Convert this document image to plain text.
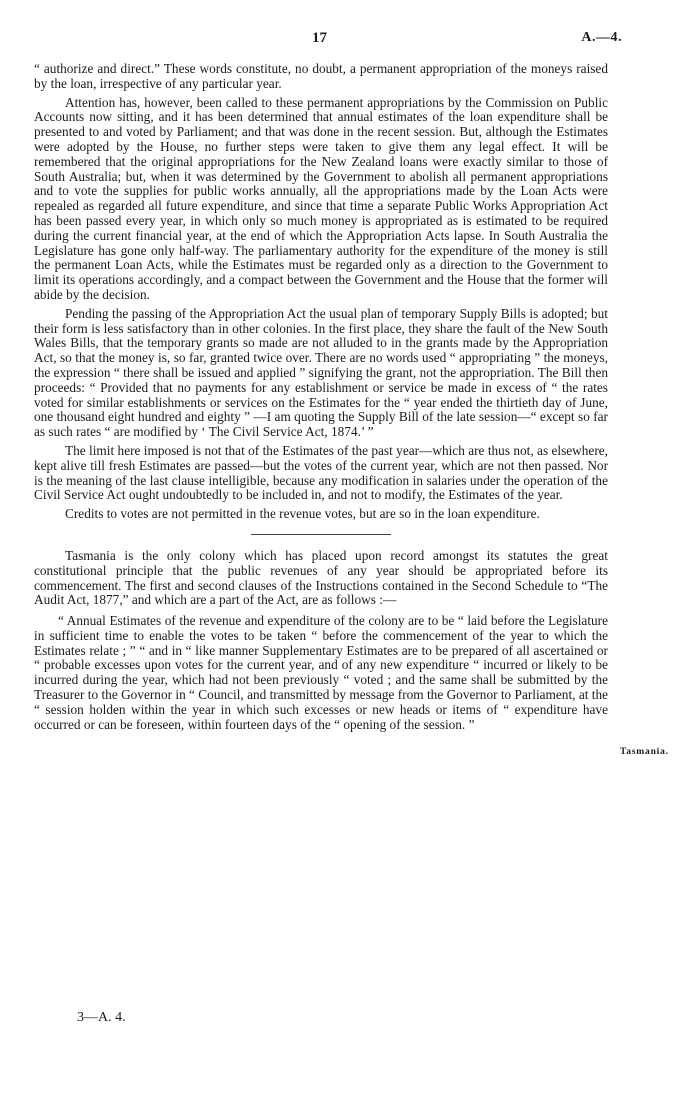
17	A.—4.

“ authorize and direct.” These words constitute, no doubt, a permanent appropriation of the moneys raised by the loan, irrespective of any particular year.

Attention has, however, been called to these permanent appropriations by the Commission on Public Accounts now sitting, and it has been determined that annual estimates of the loan expenditure shall be presented to and voted by Parliament; and that was done in the recent session. But, although the Estimates were adopted by the House, no further steps were taken to give them any legal effect. It will be remembered that the original appropriations for the New Zealand loans were exactly similar to those of South Australia; but, when it was determined by the Government to abolish all permanent appropriations and to vote the supplies for public works annually, all the appropriations made by the Loan Acts were repealed as regarded all future expenditure, and since that time a separate Public Works Appropriation Act has been passed every year, in which only so much money is appropriated as is estimated to be required during the current financial year, at the end of which the Appropriation Acts lapse. In South Australia the Legislature has gone only half-way. The parliamentary authority for the expenditure of the money is still the permanent Loan Acts, while the Estimates must be regarded only as a direction to the Government to limit its operations accordingly, and a compact between the Government and the House that the former will abide by the decision.

Pending the passing of the Appropriation Act the usual plan of temporary Supply Bills is adopted; but their form is less satisfactory than in other colonies. In the first place, they share the fault of the New South Wales Bills, that the temporary grants so made are not alluded to in the grants made by the Appropriation Act, so that the money is, so far, granted twice over. There are no words used “ appropriating ” the moneys, the expression “ there shall be issued and applied ” signifying the grant, not the appropriation. The Bill then proceeds: “ Provided that no payments for any establishment or service be made in excess of “ the rates voted for similar establishments or services on the Estimates for the “ year ended the thirtieth day of June, one thousand eight hundred and eighty ” —I am quoting the Supply Bill of the late session—“ except so far as such rates “ are modified by ‘ The Civil Service Act, 1874.’ ”

The limit here imposed is not that of the Estimates of the past year—which are thus not, as elsewhere, kept alive till fresh Estimates are passed—but the votes of the current year, which are not then passed. Nor is the meaning of the last clause intelligible, because any modification in salaries under the operation of the Civil Service Act ought undoubtedly to be included in, and not to modify, the Estimates of the year.

Credits to votes are not permitted in the revenue votes, but are so in the loan expenditure.

Tasmania is the only colony which has placed upon record amongst its statutes the great constitutional principle that the public revenues of any year should be appropriated before its commencement. The first and second clauses of the Instructions contained in the Second Schedule to “The Audit Act, 1877,” and which are a part of the Act, are as follows :—

“ Annual Estimates of the revenue and expenditure of the colony are to be “ laid before the Legislature in sufficient time to enable the votes to be taken “ before the commencement of the year to which the Estimates relate ; ” “ and in “ like manner Supplementary Estimates are to be prepared of all ascertained or “ probable excesses upon votes for the current year, and of any new expenditure “ incurred or likely to be incurred during the year, which had not been previously “ voted ; and the same shall be submitted by the Treasurer to the Governor in “ Council, and transmitted by message from the Governor to Parliament, at the “ session holden within the year in which such excesses or new heads or items of “ expenditure have occurred or can be foreseen, within fourteen days of the “ opening of the session. ”

Tasmania.
3—A. 4.
